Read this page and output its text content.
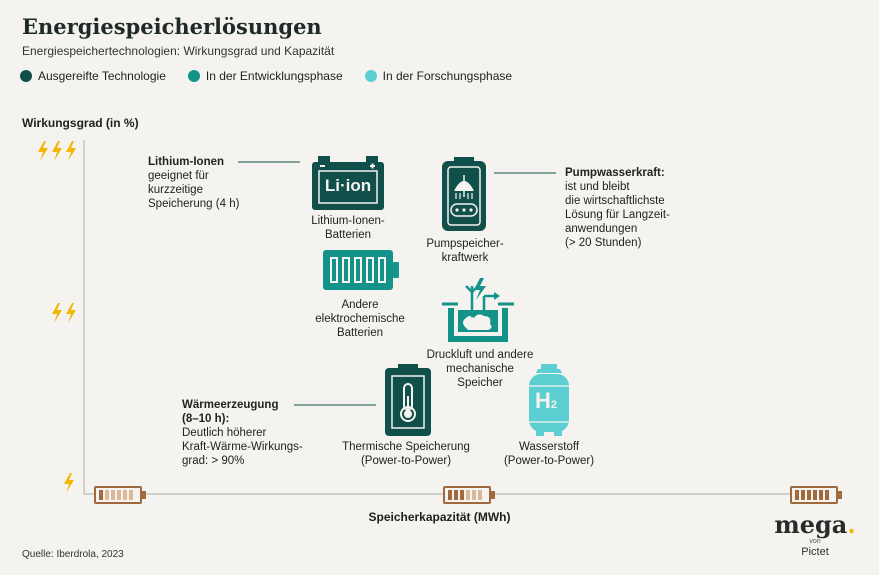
Energiespeicherlösungen
Energiespeichertechnologien: Wirkungsgrad und Kapazität
Ausgereifte Technologie	In der Entwicklungsphase	In der Forschungsphase
Wirkungsgrad (in %)
Speicherkapazität (MWh)
Li·ion
Lithium-Ionen-
Batterien
Pumpspeicher-
kraftwerk
Andere
elektrochemische
Batterien
Druckluft und andere
mechanische
Speicher
Thermische Speicherung
(Power-to-Power)
H2
Wasserstoff
(Power-to-Power)
Lithium-Ionen
geeignet für
kurzzeitige
Speicherung (4 h)
Pumpwasserkraft:
ist und bleibt
die wirtschaftlichste
Lösung für Langzeit-
anwendungen
(> 20 Stunden)
Wärmeerzeugung
(8–10 h):
Deutlich höherer
Kraft-Wärme-Wirkungs-
grad: > 90%
Quelle: Iberdrola, 2023
mega.
von
Pictet
